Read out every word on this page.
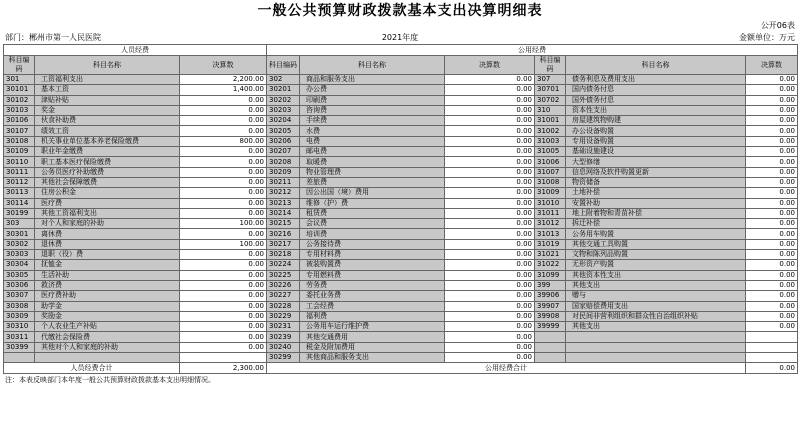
一般公共预算财政拨款基本支出决算明细表
公开06表
部门：郴州市第一人民医院	2021年度	金额单位：万元
人员经费			公用经费					
科目编码	科目名称	决算数	科目编码	科目名称	决算数	科目编码	科目名称	决算数
301	工资福利支出	2,200.00	302	商品和服务支出	0.00	307	债务利息及费用支出	0.00
30101	基本工资	1,400.00	30201	办公费	0.00	30701	国内债务付息	0.00
30102	津贴补贴	0.00	30202	印刷费	0.00	30702	国外债务付息	0.00
30103	奖金	0.00	30203	咨询费	0.00	310	资本性支出	0.00
30106	伙食补助费	0.00	30204	手续费	0.00	31001	房屋建筑物购建	0.00
30107	绩效工资	0.00	30205	水费	0.00	31002	办公设备购置	0.00
30108	机关事业单位基本养老保险缴费	800.00	30206	电费	0.00	31003	专用设备购置	0.00
30109	职业年金缴费	0.00	30207	邮电费	0.00	31005	基础设施建设	0.00
30110	职工基本医疗保险缴费	0.00	30208	取暖费	0.00	31006	大型修缮	0.00
30111	公务员医疗补助缴费	0.00	30209	物业管理费	0.00	31007	信息网络及软件购置更新	0.00
30112	其他社会保障缴费	0.00	30211	差旅费	0.00	31008	物资储备	0.00
30113	住房公积金	0.00	30212	因公出国（境）费用	0.00	31009	土地补偿	0.00
30114	医疗费	0.00	30213	维修（护）费	0.00	31010	安置补助	0.00
30199	其他工资福利支出	0.00	30214	租赁费	0.00	31011	地上附着物和青苗补偿	0.00
303	对个人和家庭的补助	100.00	30215	会议费	0.00	31012	拆迁补偿	0.00
30301	离休费	0.00	30216	培训费	0.00	31013	公务用车购置	0.00
30302	退休费	100.00	30217	公务接待费	0.00	31019	其他交通工具购置	0.00
30303	退职（役）费	0.00	30218	专用材料费	0.00	31021	文物和陈列品购置	0.00
30304	抚恤金	0.00	30224	被装购置费	0.00	31022	无形资产购置	0.00
30305	生活补助	0.00	30225	专用燃料费	0.00	31099	其他资本性支出	0.00
30306	救济费	0.00	30226	劳务费	0.00	399	其他支出	0.00
30307	医疗费补助	0.00	30227	委托业务费	0.00	39906	赠与	0.00
30308	助学金	0.00	30228	工会经费	0.00	39907	国家赔偿费用支出	0.00
30309	奖励金	0.00	30229	福利费	0.00	39908	对民间非营利组织和群众性自治组织补贴	0.00
30310	个人农业生产补贴	0.00	30231	公务用车运行维护费	0.00	39999	其他支出	0.00
30311	代缴社会保险费	0.00	30239	其他交通费用	0.00			
30399	其他对个人和家庭的补助	0.00	30240	税金及附加费用	0.00			
			30299	其他商品和服务支出	0.00			
人员经费合计		2,300.00	公用经费合计					0.00
注：本表反映部门本年度一般公共预算财政拨款基本支出明细情况。
